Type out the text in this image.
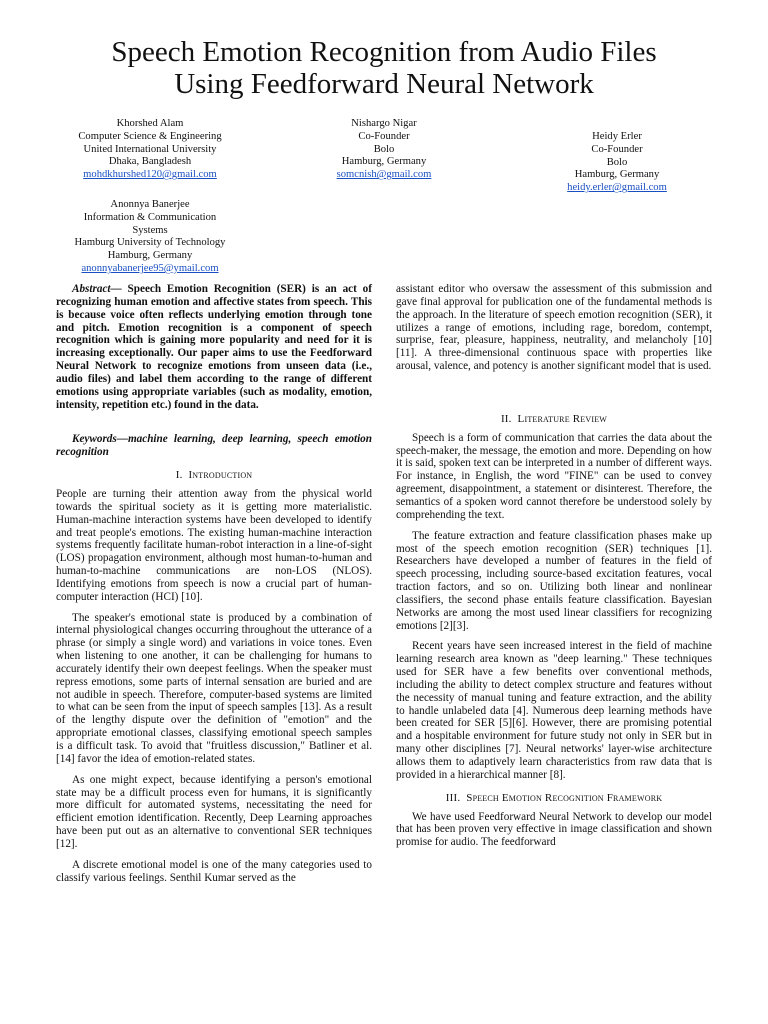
Speech Emotion Recognition from Audio Files
Using Feedforward Neural Network
Khorshed Alam
Computer Science & Engineering
United International University
Dhaka, Bangladesh
mohdkhurshed120@gmail.com
Nishargo Nigar
Co-Founder
Bolo
Hamburg, Germany
somcnish@gmail.com
Heidy Erler
Co-Founder
Bolo
Hamburg, Germany
heidy.erler@gmail.com
Anonnya Banerjee
Information & Communication
Systems
Hamburg University of Technology
Hamburg, Germany
anonnyabanerjee95@ymail.com

Abstract— Speech Emotion Recognition (SER) is an act of recognizing human emotion and affective states from speech. This is because voice often reflects underlying emotion through tone and pitch. Emotion recognition is a component of speech recognition which is gaining more popularity and need for it is increasing exceptionally. Our paper aims to use the Feedforward Neural Network to recognize emotions from unseen data (i.e., audio files) and label them according to the range of different emotions using appropriate variables (such as modality, emotion, intensity, repetition etc.) found in the data.

Keywords—machine learning, deep learning, speech emotion recognition

I. Introduction

People are turning their attention away from the physical world towards the spiritual society as it is getting more materialistic. Human-machine interaction systems have been developed to identify and treat people's emotions. The existing human-machine interaction systems frequently facilitate human-robot interaction in a line-of-sight (LOS) propagation environment, although most human-to-human and human-to-machine communications are non-LOS (NLOS). Identifying emotions from speech is now a crucial part of human-computer interaction (HCI) [10].

The speaker's emotional state is produced by a combination of internal physiological changes occurring throughout the utterance of a phrase (or simply a single word) and variations in voice tones. Even when listening to one another, it can be challenging for humans to accurately identify their own deepest feelings. When the speaker must repress emotions, some parts of internal sensation are buried and are not audible in speech. Therefore, computer-based systems are limited to what can be seen from the input of speech samples [13]. As a result of the lengthy dispute over the definition of "emotion" and the appropriate emotional classes, classifying emotional speech samples is a difficult task. To avoid that "fruitless discussion," Batliner et al. [14] favor the idea of emotion-related states.

As one might expect, because identifying a person's emotional state may be a difficult process even for humans, it is significantly more difficult for automated systems, necessitating the need for efficient emotion identification. Recently, Deep Learning approaches have been put out as an alternative to conventional SER techniques [12].

A discrete emotional model is one of the many categories used to classify various feelings. Senthil Kumar served as the

assistant editor who oversaw the assessment of this submission and gave final approval for publication one of the fundamental methods is the approach. In the literature of speech emotion recognition (SER), it utilizes a range of emotions, including rage, boredom, contempt, surprise, fear, pleasure, happiness, neutrality, and melancholy [10][11]. A three-dimensional continuous space with properties like arousal, valence, and potency is another significant model that is used.

II. Literature Review

Speech is a form of communication that carries the data about the speech-maker, the message, the emotion and more. Depending on how it is said, spoken text can be interpreted in a number of different ways. For instance, in English, the word "FINE" can be used to convey agreement, disappointment, a statement or disinterest. Therefore, the semantics of a spoken word cannot therefore be understood solely by comprehending the text.

The feature extraction and feature classification phases make up most of the speech emotion recognition (SER) techniques [1]. Researchers have developed a number of features in the field of speech processing, including source-based excitation features, vocal traction factors, and so on. Utilizing both linear and nonlinear classifiers, the second phase entails feature classification. Bayesian Networks are among the most used linear classifiers for recognizing emotions [2][3].

Recent years have seen increased interest in the field of machine learning research area known as "deep learning." These techniques used for SER have a few benefits over conventional methods, including the ability to detect complex structure and features without the necessity of manual tuning and feature extraction, and the ability to handle unlabeled data [4]. Numerous deep learning methods have been created for SER [5][6]. However, there are promising potential and a hospitable environment for future study not only in SER but in many other disciplines [7]. Neural networks' layer-wise architecture allows them to adaptively learn characteristics from raw data that is provided in a hierarchical manner [8].

III. Speech Emotion Recognition Framework

We have used Feedforward Neural Network to develop our model that has been proven very effective in image classification and shown promise for audio. The feedforward
